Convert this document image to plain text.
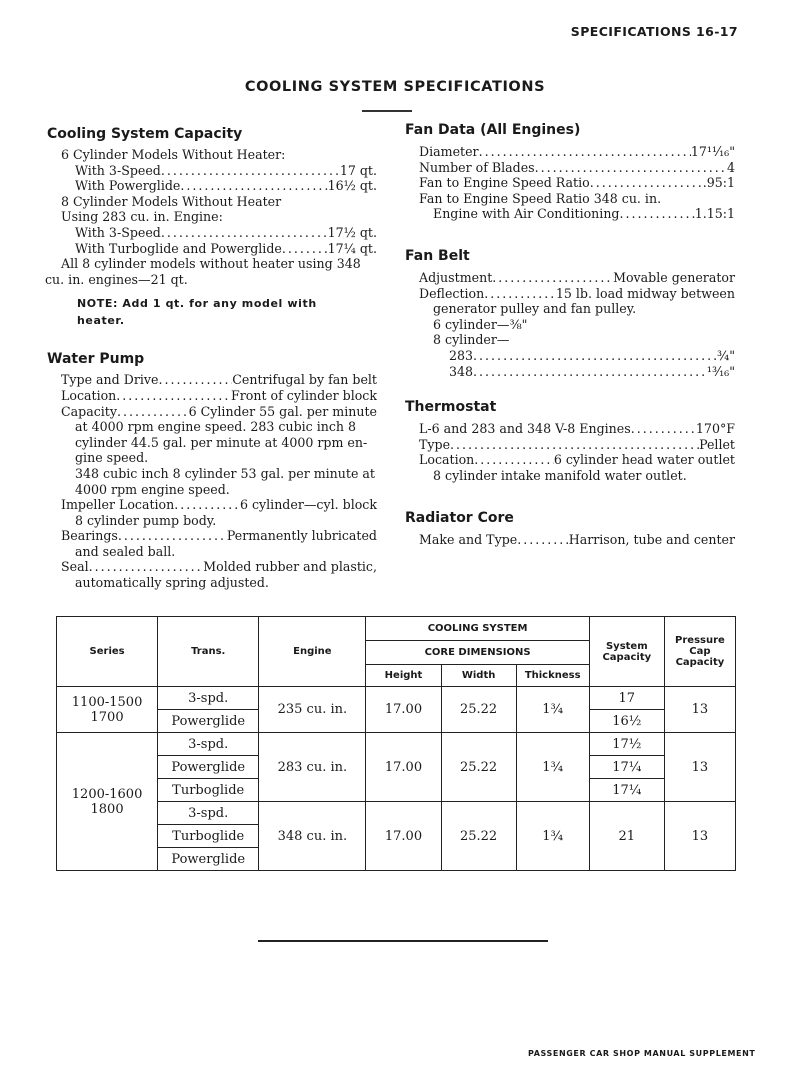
SPECIFICATIONS 16-17
COOLING SYSTEM SPECIFICATIONS
Cooling System Capacity
6 Cylinder Models Without Heater:
With 3-Speed .....	17 qt.
With Powerglide .....	16½ qt.
8 Cylinder Models Without Heater
Using 283 cu. in. Engine:
With 3-Speed .....	17½ qt.
With Turboglide and Powerglide .....	17¼ qt.
All 8 cylinder models without heater using 348
cu. in. engines—21 qt.
NOTE: Add 1 qt. for any model with heater.
Water Pump
Type and Drive .....	Centrifugal by fan belt
Location .....	Front of cylinder block
Capacity .....	6 Cylinder 55 gal. per minute
at 4000 rpm engine speed. 283 cubic inch 8
cylinder 44.5 gal. per minute at 4000 rpm en-
gine speed.
348 cubic inch 8 cylinder 53 gal. per minute at
4000 rpm engine speed.
Impeller Location .....	6 cylinder—cyl. block
8 cylinder pump body.
Bearings .....	Permanently lubricated
and sealed ball.
Seal .....	Molded rubber and plastic,
automatically spring adjusted.
Fan Data (All Engines)
Diameter .....	17¹¹⁄₁₆"
Number of Blades .....	4
Fan to Engine Speed Ratio .....	.95:1
Fan to Engine Speed Ratio 348 cu. in.
Engine with Air Conditioning .....	1.15:1
Fan Belt
Adjustment .....	Movable generator
Deflection .....	15 lb. load midway between
generator pulley and fan pulley.
6 cylinder—⅜"
8 cylinder—
283 .....	¾"
348 .....	¹³⁄₁₆"
Thermostat
L-6 and 283 and 348 V-8 Engines .....	170°F
Type .....	Pellet
Location .....	6 cylinder head water outlet
8 cylinder intake manifold water outlet.
Radiator Core
Make and Type .....	Harrison, tube and center
Series	Trans.	Engine	COOLING SYSTEM			System Capacity	Pressure Cap Capacity
			CORE DIMENSIONS				
			Height	Width	Thickness		
1100-1500
1700	3-spd.	235 cu. in.	17.00	25.22	1¾	17	13
	Powerglide					16½	
1200-1600
1800	3-spd.	283 cu. in.	17.00	25.22	1¾	17½	13
	Powerglide					17¼	
	Turboglide					17¼	
	3-spd.	348 cu. in.	17.00	25.22	1¾	21	13
	Turboglide						
	Powerglide						
PASSENGER CAR SHOP MANUAL SUPPLEMENT
